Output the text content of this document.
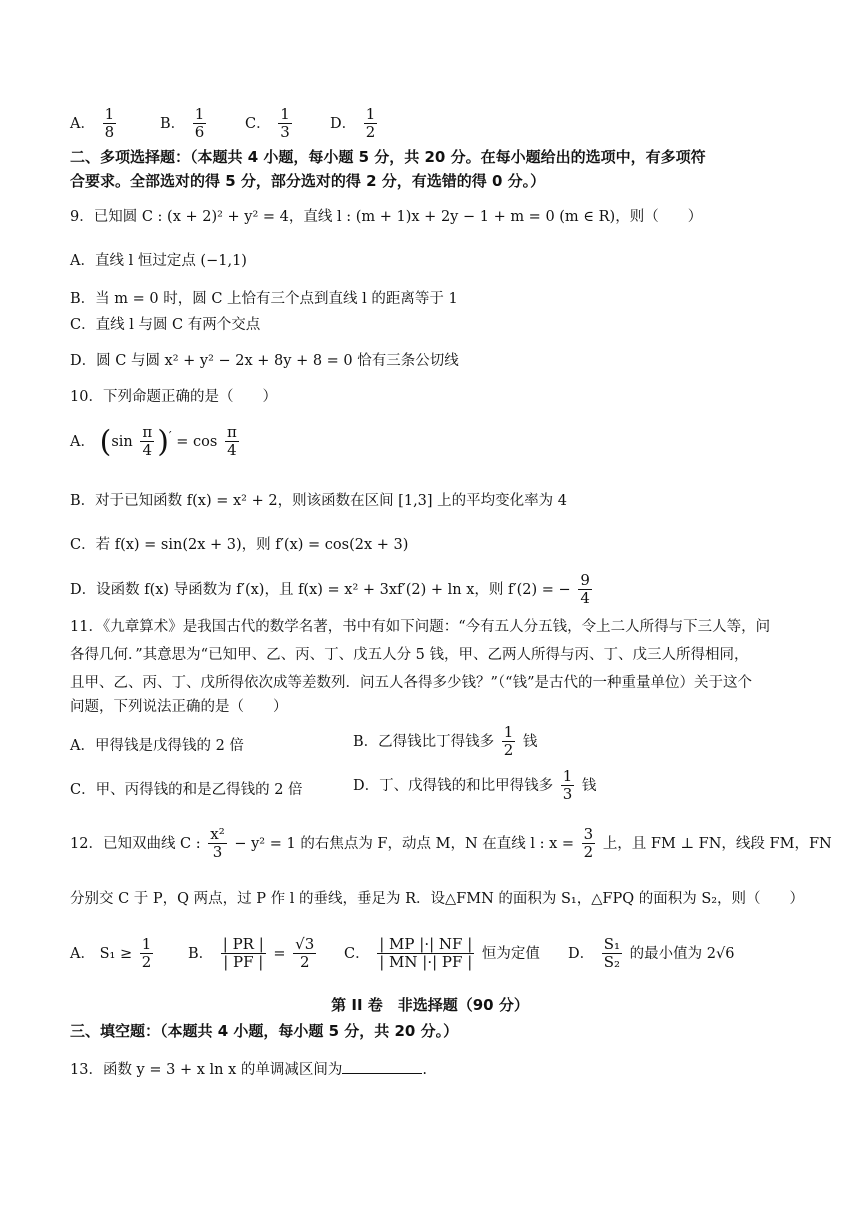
A． $\frac{1}{8}$	B． $\frac{1}{6}$	C． $\frac{1}{3}$	D． $\frac{1}{2}$
二、多项选择题：（本题共 4 小题，每小题 5 分，共 20 分。在每小题给出的选项中，有多项符
合要求。全部选对的得 5 分，部分选对的得 2 分，有选错的得 0 分。）
9．已知圆 C : (x + 2)² + y² = 4，直线 l : (m + 1)x + 2y − 1 + m = 0 (m ∈ R)，则（　　）
A．直线 l 恒过定点 (−1,1)
B．当 m = 0 时，圆 C 上恰有三个点到直线 l 的距离等于 1
C．直线 l 与圆 C 有两个交点
D．圆 C 与圆 x² + y² − 2x + 8y + 8 = 0 恰有三条公切线
10．下列命题正确的是（　　）
A． $(\sin \frac{\pi}{4} )' = \cos \frac{\pi}{4}$
B．对于已知函数 f(x) = x² + 2，则该函数在区间 [1,3] 上的平均变化率为 4
C．若 f(x) = sin(2x + 3)，则 f′(x) = cos(2x + 3)
D．设函数 f(x) 导函数为 f′(x)，且 f(x) = x² + 3xf′(2) + ln x，则 f′(2) = − $\frac{9}{4}$
11．《九章算术》是我国古代的数学名著，书中有如下问题：“今有五人分五钱，令上二人所得与下三人等，问
各得几何．”其意思为“已知甲、乙、丙、丁、戊五人分 5 钱，甲、乙两人所得与丙、丁、戊三人所得相同，
且甲、乙、丙、丁、戊所得依次成等差数列．问五人各得多少钱？”（“钱”是古代的一种重量单位）关于这个
问题，下列说法正确的是（　　）
A．甲得钱是戊得钱的 2 倍	B．乙得钱比丁得钱多 $\frac{1}{2}$ 钱
C．甲、丙得钱的和是乙得钱的 2 倍	D．丁、戊得钱的和比甲得钱多 $\frac{1}{3}$ 钱
12．已知双曲线 C : $\frac{\text{x²}}{3} - y^2 = 1$ 的右焦点为 F，动点 M，N 在直线 l : $x = \frac{3}{2}$ 上，且 FM ⊥ FN，线段 FM，FN
分别交 C 于 P，Q 两点，过 P 作 l 的垂线，垂足为 R．设△FMN 的面积为 S₁，△FPQ 的面积为 S₂，则（　　）
A． $S_1 \ge \frac{1}{2}$ B． $\frac{| PR |}{| PF |} = \frac{√3}{2}$ C． $\frac{| MP |\cdot| NF |}{| MN |\cdot| PF |}$ 恒为定值 D． $\frac{\text{S₁}}{\text{S₂}}$ 的最小值为 2√6
第 II 卷　非选择题（90 分）
三、填空题：（本题共 4 小题，每小题 5 分，共 20 分。）
13．函数 y = 3 + x ln x 的单调减区间为	.
